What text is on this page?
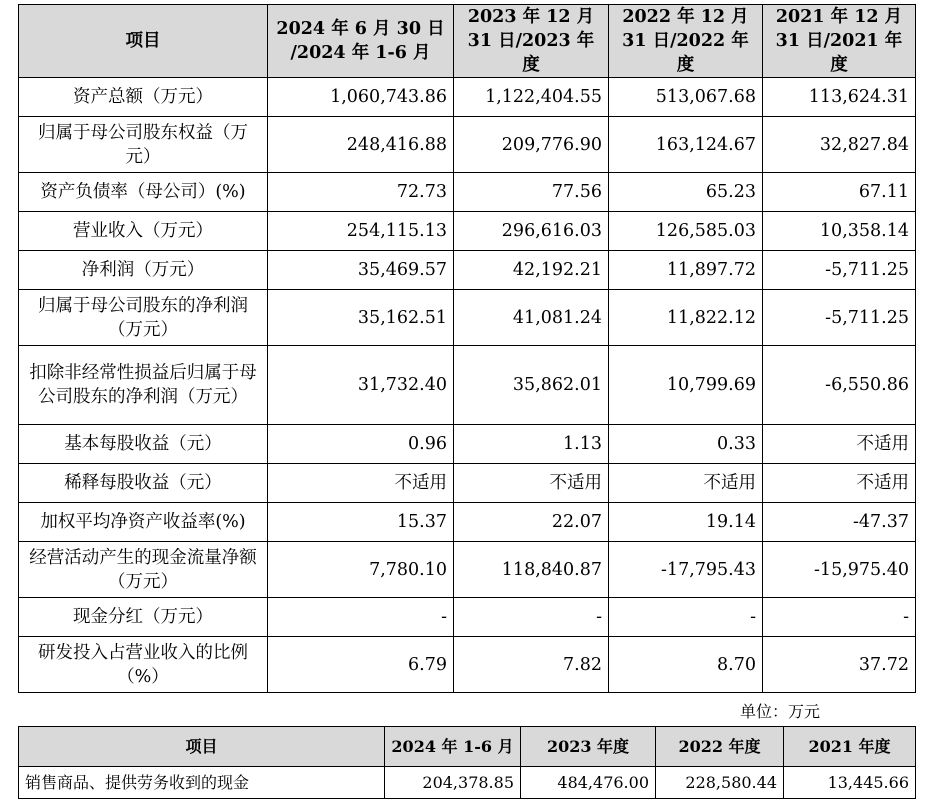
项目	2024 年 6 月 30 日 /2024 年 1-6 月	2023 年 12 月 31 日/2023 年度	2022 年 12 月 31 日/2022 年度	2021 年 12 月 31 日/2021 年度
资产总额（万元）	1,060,743.86	1,122,404.55	513,067.68	113,624.31
归属于母公司股东权益（万元）	248,416.88	209,776.90	163,124.67	32,827.84
资产负债率（母公司）(%)	72.73	77.56	65.23	67.11
营业收入（万元）	254,115.13	296,616.03	126,585.03	10,358.14
净利润（万元）	35,469.57	42,192.21	11,897.72	-5,711.25
归属于母公司股东的净利润（万元）	35,162.51	41,081.24	11,822.12	-5,711.25
扣除非经常性损益后归属于母公司股东的净利润（万元）	31,732.40	35,862.01	10,799.69	-6,550.86
基本每股收益（元）	0.96	1.13	0.33	不适用
稀释每股收益（元）	不适用	不适用	不适用	不适用
加权平均净资产收益率(%)	15.37	22.07	19.14	-47.37
经营活动产生的现金流量净额（万元）	7,780.10	118,840.87	-17,795.43	-15,975.40
现金分红（万元）	-	-	-	-
研发投入占营业收入的比例（%）	6.79	7.82	8.70	37.72
单位：万元
项目	2024 年 1-6 月	2023 年度	2022 年度	2021 年度
销售商品、提供劳务收到的现金	204,378.85	484,476.00	228,580.44	13,445.66
